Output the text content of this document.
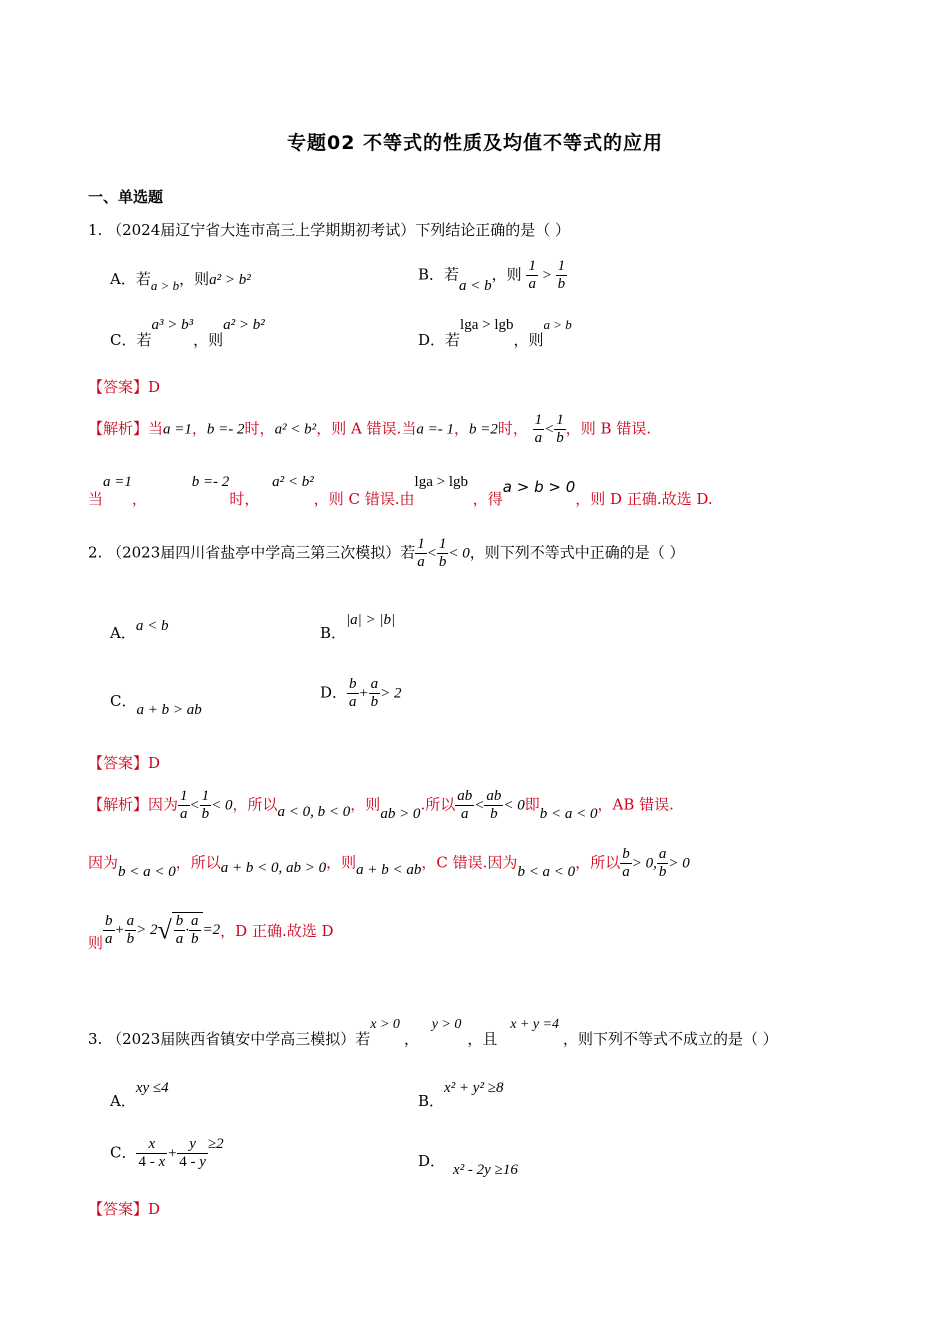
专题02 不等式的性质及均值不等式的应用
一、单选题
1. （2024届辽宁省大连市高三上学期期初考试）下列结论正确的是（ ）
A．若a > b，则a² > b²	B．若a < b，则 $\frac{1}{a} > \frac{1}{b}$
C．若a³ > b³，则a² > b²
D．若lga > lgb，则a > b
【答案】D
【解析】当a =1，b =- 2时，a² < b²，则 A 错误.当a =- 1，b =2时， $\frac{1}{a} < \frac{1}{b}$ ，则 B 错误.
当a =1， b =- 2时， a² < b²，则 C 错误.由lga > lgb ，得a > b > 0，则 D 正确.故选 D.
2. （2023届四川省盐亭中学高三第三次模拟）若 $\frac{1}{a} < \frac{1}{b} < 0$，则下列不等式中正确的是（ ）
A．a < b	B．|a| > |b|
C．a + b > ab
D． $\frac{b}{a} + \frac{a}{b} > 2$
【答案】D
【解析】因为 $\frac{1}{a} < \frac{1}{b} < 0$，所以a < 0, b < 0，则ab > 0.所以 $\frac{ab}{a} < \frac{ab}{b} < 0$即b < a < 0，AB 错误.
因为b < a < 0，所以a + b < 0, ab > 0，则a + b < ab，C 错误.因为b < a < 0，所以 $\frac{b}{a} > 0$, $\frac{a}{b} > 0$
则 $\frac{b}{a} + \frac{a}{b} > 2√ \frac{b}{a} \cdot \frac{a}{b} =2$，D 正确.故选 D
3. （2023届陕西省镇安中学高三模拟）若x > 0， y > 0，且 x + y =4，则下列不等式不成立的是（ ）
A．xy ≤4
B．x² + y² ≥8
C． $\frac{x}{4 - x} + \frac{y}{4 - y} \ge 2$
D． x² - 2y ≥16
【答案】D
